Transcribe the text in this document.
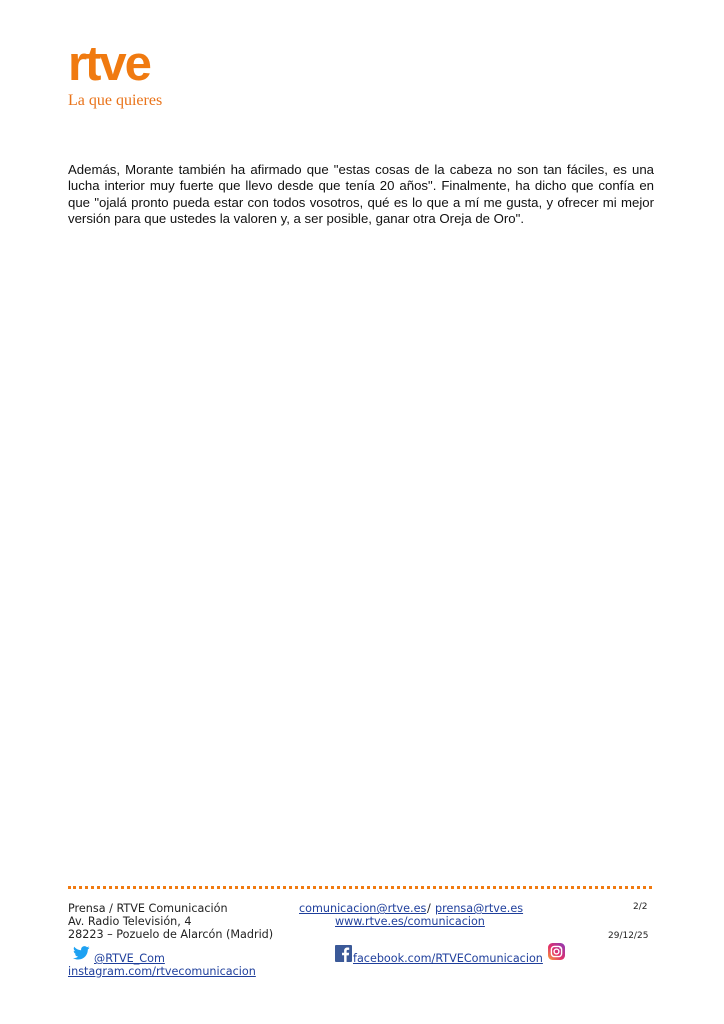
rtve
La que quieres

Además, Morante también ha afirmado que "estas cosas de la cabeza no son tan fáciles, es una lucha interior muy fuerte que llevo desde que tenía 20 años". Finalmente, ha dicho que confía en que "ojalá pronto pueda estar con todos vosotros, qué es lo que a mí me gusta, y ofrecer mi mejor versión para que ustedes la valoren y, a ser posible, ganar otra Oreja de Oro".

Prensa / RTVE Comunicación
Av. Radio Televisión, 4
28223 – Pozuelo de Alarcón (Madrid)
comunicacion@rtve.es / prensa@rtve.es
www.rtve.es/comunicacion
2/2
29/12/25
@RTVE_Com	facebook.com/RTVEComunicacion
instagram.com/rtvecomunicacion
